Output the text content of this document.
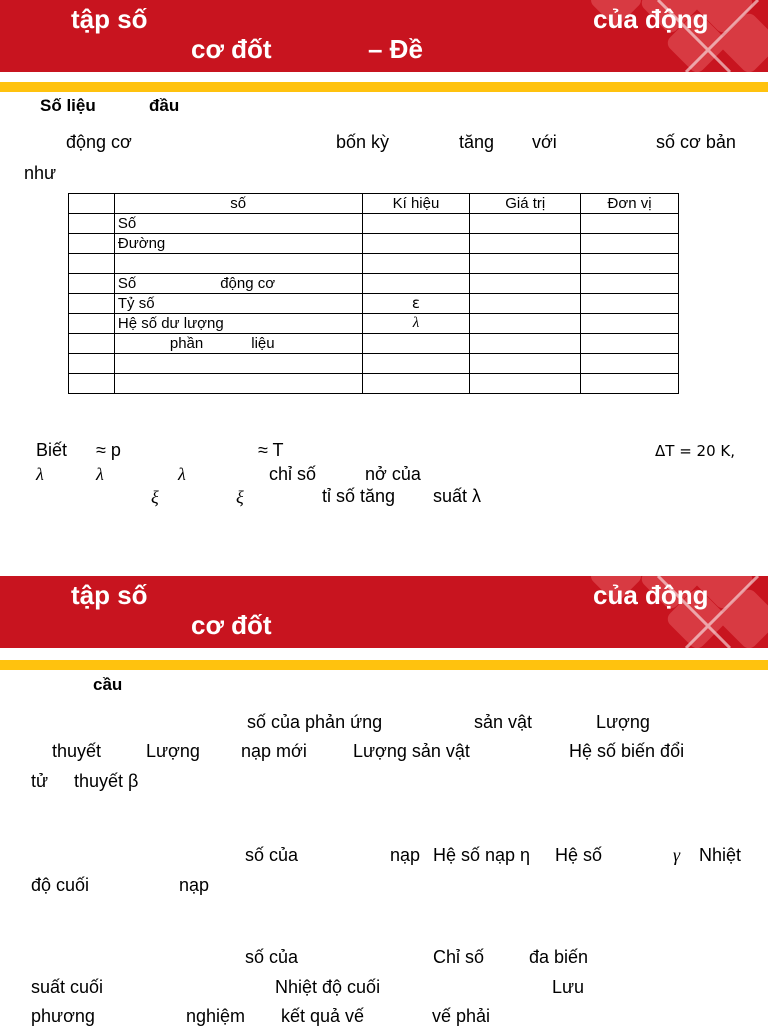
tập số	của động
cơ đốt	– Đề
Số liệu	đầu
động cơ	bốn kỳ	tăng với	số cơ bản
như
	số	Kí hiệu	Giá trị	Đơn vị
	Số			
	Đường			

	Số động cơ			
	Tỷ số	ε		
	Hệ số dư lượng	λ		
	phần liệu			

Biết ≈ p	≈ T	ΔT = 20 K,
λ	λ	λ	chỉ số	nở của
ξ	ξ	tỉ số tăng suất λ
tập số	của động
cơ đốt
cầu
số của phản ứng	sản vật	Lượng
thuyết Lượng nạp mới	Lượng sản vật	Hệ số biến đổi
tử thuyết β
số của	nạp Hệ số nạp η Hệ số	γ Nhiệt
độ cuối	nạp
số của	Chỉ số đa biến
suất cuối	Nhiệt độ cuối	Lưu
phương	nghiệm kết quả vế	vế phải
